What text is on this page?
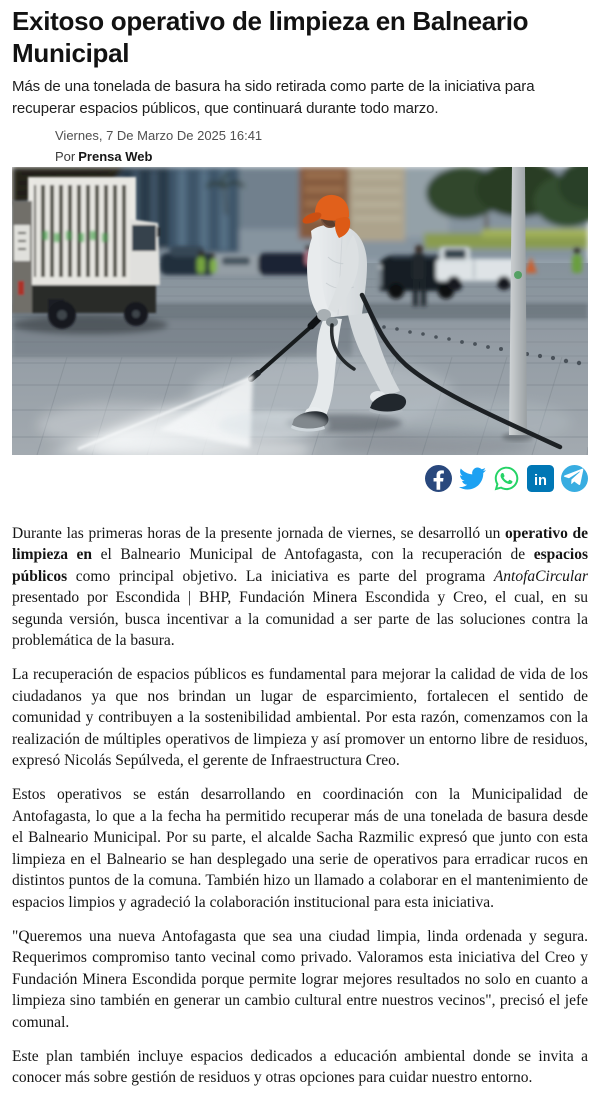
Exitoso operativo de limpieza en Balneario Municipal

Más de una tonelada de basura ha sido retirada como parte de la iniciativa para recuperar espacios públicos, que continuará durante todo marzo.

Viernes, 7 De Marzo De 2025 16:41
Por Prensa Web
in

Durante las primeras horas de la presente jornada de viernes, se desarrolló un operativo de limpieza en el Balneario Municipal de Antofagasta, con la recuperación de espacios públicos como principal objetivo. La iniciativa es parte del programa AntofaCircular presentado por Escondida | BHP, Fundación Minera Escondida y Creo, el cual, en su segunda versión, busca incentivar a la comunidad a ser parte de las soluciones contra la problemática de la basura.

La recuperación de espacios públicos es fundamental para mejorar la calidad de vida de los ciudadanos ya que nos brindan un lugar de esparcimiento, fortalecen el sentido de comunidad y contribuyen a la sostenibilidad ambiental. Por esta razón, comenzamos con la realización de múltiples operativos de limpieza y así promover un entorno libre de residuos, expresó Nicolás Sepúlveda, el gerente de Infraestructura Creo.

Estos operativos se están desarrollando en coordinación con la Municipalidad de Antofagasta, lo que a la fecha ha permitido recuperar más de una tonelada de basura desde el Balneario Municipal. Por su parte, el alcalde Sacha Razmilic expresó que junto con esta limpieza en el Balneario se han desplegado una serie de operativos para erradicar rucos en distintos puntos de la comuna. También hizo un llamado a colaborar en el mantenimiento de espacios limpios y agradeció la colaboración institucional para esta iniciativa.

"Queremos una nueva Antofagasta que sea una ciudad limpia, linda ordenada y segura. Requerimos compromiso tanto vecinal como privado. Valoramos esta iniciativa del Creo y Fundación Minera Escondida porque permite lograr mejores resultados no solo en cuanto a limpieza sino también en generar un cambio cultural entre nuestros vecinos", precisó el jefe comunal.

Este plan también incluye espacios dedicados a educación ambiental donde se invita a conocer más sobre gestión de residuos y otras opciones para cuidar nuestro entorno.
